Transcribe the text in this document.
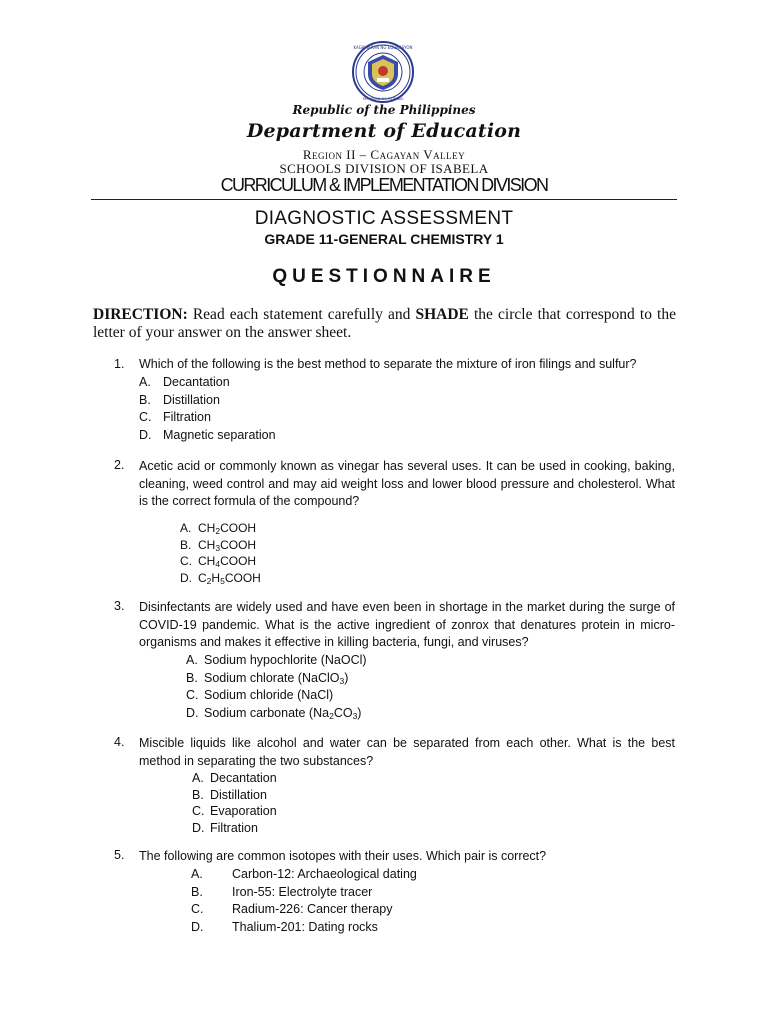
KAGAWARAN NG EDUKASYON
REPUBLIKA NG PILIPINAS
Republic of the Philippines
Department of Education
Region II – Cagayan Valley
SCHOOLS DIVISION OF ISABELA
CURRICULUM & IMPLEMENTATION DIVISION
DIAGNOSTIC ASSESSMENT
GRADE 11-GENERAL CHEMISTRY 1
QUESTIONNAIRE
DIRECTION: Read each statement carefully and SHADE the circle that correspond to the letter of your answer on the answer sheet.
1. Which of the following is the best method to separate the mixture of iron filings and sulfur?
A. Decantation
B. Distillation
C. Filtration
D. Magnetic separation
2. Acetic acid or commonly known as vinegar has several uses. It can be used in cooking, baking, cleaning, weed control and may aid weight loss and lower blood pressure and cholesterol. What is the correct formula of the compound?
A. $CH_2COOH$
B. $CH_3COOH$
C. $CH_4COOH$
D. $C_2H_5COOH$
3. Disinfectants are widely used and have even been in shortage in the market during the surge of COVID-19 pandemic. What is the active ingredient of zonrox that denatures protein in micro-organisms and makes it effective in killing bacteria, fungi, and viruses?
A. Sodium hypochlorite (NaOCl)
B. Sodium chlorate (NaClO$_3$)
C. Sodium chloride (NaCl)
D. Sodium carbonate $(Na_2CO_3)$
4. Miscible liquids like alcohol and water can be separated from each other. What is the best method in separating the two substances?
A. Decantation
B. Distillation
C. Evaporation
D. Filtration
5. The following are common isotopes with their uses. Which pair is correct?
A.	Carbon-12: Archaeological dating
B.	Iron-55: Electrolyte tracer
C.	Radium-226: Cancer therapy
D.	Thalium-201: Dating rocks
